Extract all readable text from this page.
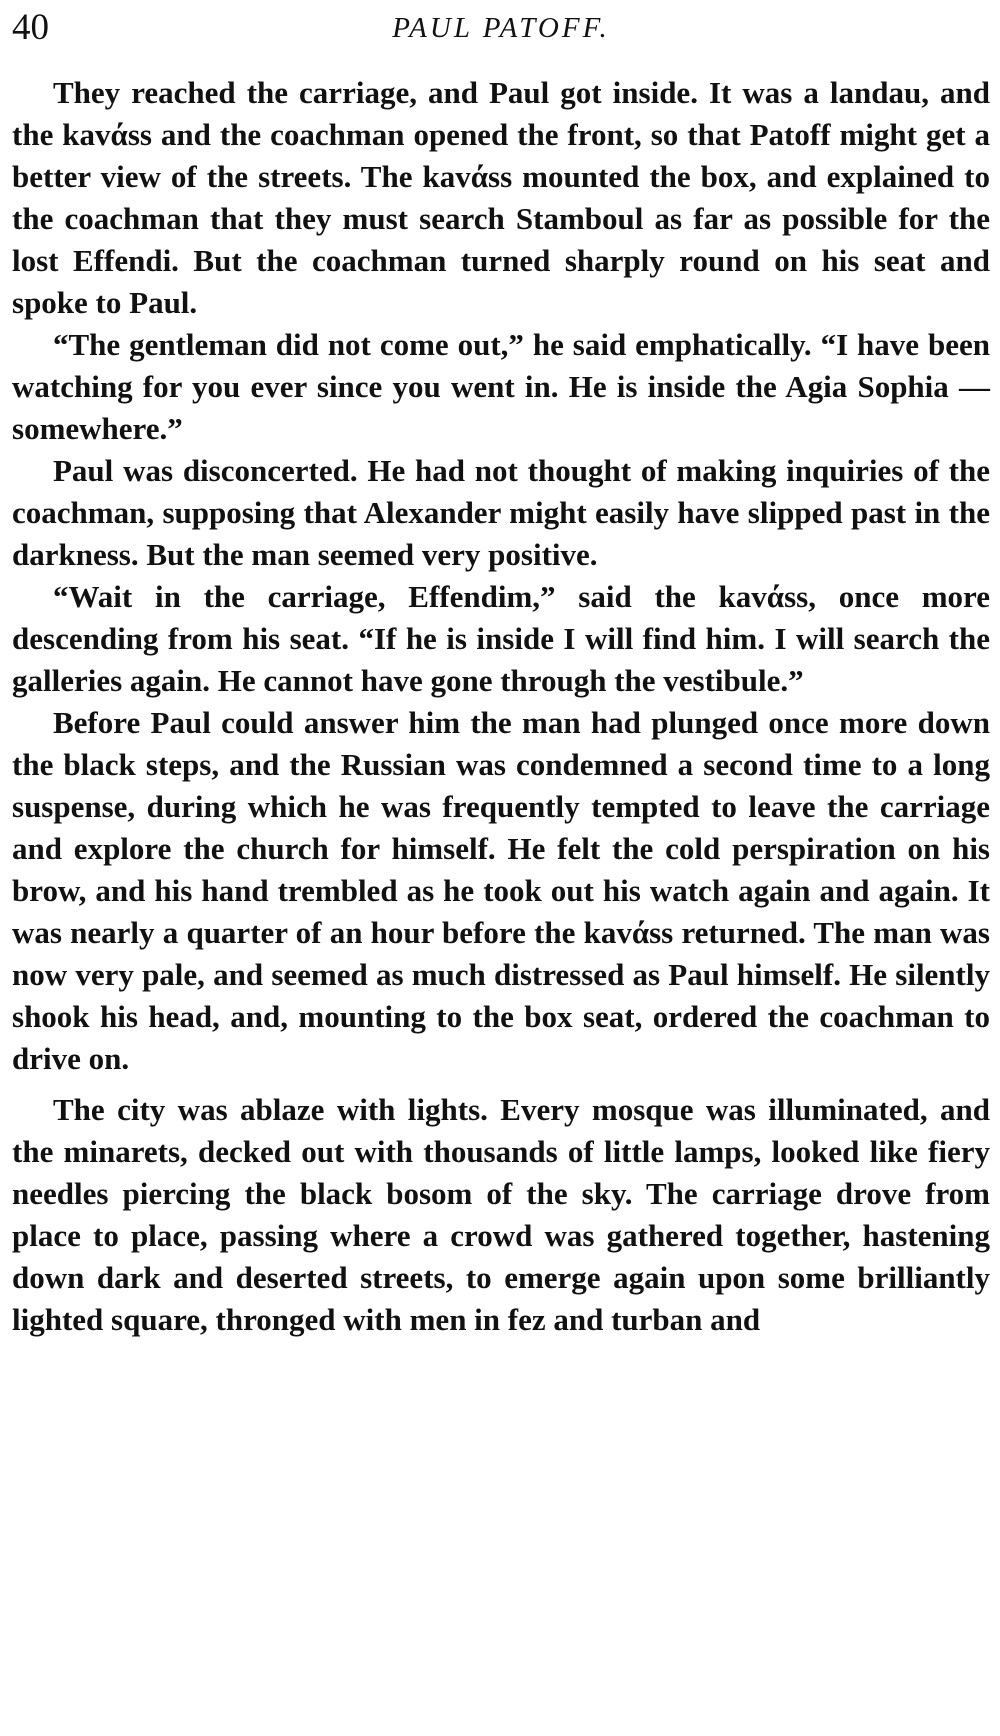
40	PAUL PATOFF.

They reached the carriage, and Paul got inside. It was a landau, and the kavάss and the coachman opened the front, so that Patoff might get a better view of the streets. The kavάss mounted the box, and explained to the coachman that they must search Stamboul as far as possible for the lost Effendi. But the coachman turned sharply round on his seat and spoke to Paul.

“The gentleman did not come out,” he said emphatically. “I have been watching for you ever since you went in. He is inside the Agia Sophia — somewhere.”

Paul was disconcerted. He had not thought of making inquiries of the coachman, supposing that Alexander might easily have slipped past in the darkness. But the man seemed very positive.

“Wait in the carriage, Effendim,” said the kavάss, once more descending from his seat. “If he is inside I will find him. I will search the galleries again. He cannot have gone through the vestibule.”

Before Paul could answer him the man had plunged once more down the black steps, and the Russian was condemned a second time to a long suspense, during which he was frequently tempted to leave the carriage and explore the church for himself. He felt the cold perspiration on his brow, and his hand trembled as he took out his watch again and again. It was nearly a quarter of an hour before the kavάss returned. The man was now very pale, and seemed as much distressed as Paul himself. He silently shook his head, and, mounting to the box seat, ordered the coachman to drive on.

The city was ablaze with lights. Every mosque was illuminated, and the minarets, decked out with thousands of little lamps, looked like fiery needles piercing the black bosom of the sky. The carriage drove from place to place, passing where a crowd was gathered together, hastening down dark and deserted streets, to emerge again upon some brilliantly lighted square, thronged with men in fez and turban and
